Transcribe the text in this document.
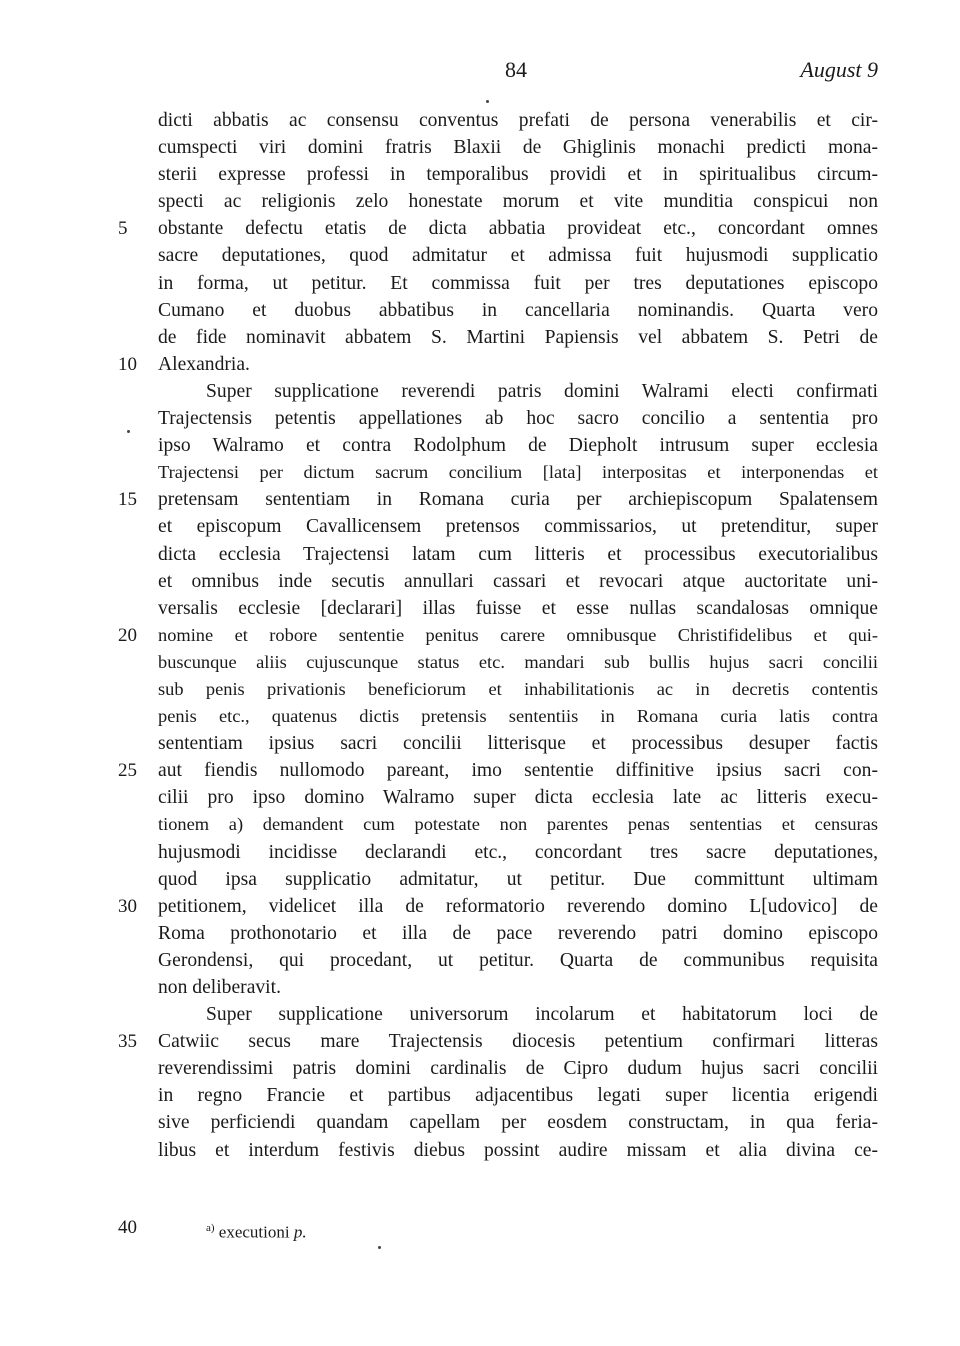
84	August 9
dicti abbatis ac consensu conventus prefati de persona venerabilis et cir-
cumspecti viri domini fratris Blaxii de Ghiglinis monachi predicti mona-
sterii expresse professi in temporalibus providi et in spiritualibus circum-
specti ac religionis zelo honestate morum et vite munditia conspicui non
5	obstante defectu etatis de dicta abbatia provideat etc., concordant omnes
sacre deputationes, quod admitatur et admissa fuit hujusmodi supplicatio
in forma, ut petitur. Et commissa fuit per tres deputationes episcopo
Cumano et duobus abbatibus in cancellaria nominandis. Quarta vero
de fide nominavit abbatem S. Martini Papiensis vel abbatem S. Petri de
10	Alexandria.
Super supplicatione reverendi patris domini Walrami electi confirmati
Trajectensis petentis appellationes ab hoc sacro concilio a sententia pro
ipso Walramo et contra Rodolphum de Diepholt intrusum super ecclesia
Trajectensi per dictum sacrum concilium [lata] interpositas et interponendas et
15	pretensam sententiam in Romana curia per archiepiscopum Spalatensem
et episcopum Cavallicensem pretensos commissarios, ut pretenditur, super
dicta ecclesia Trajectensi latam cum litteris et processibus executorialibus
et omnibus inde secutis annullari cassari et revocari atque auctoritate uni-
versalis ecclesie [declarari] illas fuisse et esse nullas scandalosas omnique
20	nomine et robore sententie penitus carere omnibusque Christifidelibus et qui-
buscunque aliis cujuscunque status etc. mandari sub bullis hujus sacri concilii
sub penis privationis beneficiorum et inhabilitationis ac in decretis contentis
penis etc., quatenus dictis pretensis sententiis in Romana curia latis contra
sententiam ipsius sacri concilii litterisque et processibus desuper factis
25	aut fiendis nullomodo pareant, imo sententie diffinitive ipsius sacri con-
cilii pro ipso domino Walramo super dicta ecclesia late ac litteris execu-
tionem a) demandent cum potestate non parentes penas sententias et censuras
hujusmodi incidisse declarandi etc., concordant tres sacre deputationes,
quod ipsa supplicatio admitatur, ut petitur. Due committunt ultimam
30	petitionem, videlicet illa de reformatorio reverendo domino L[udovico] de
Roma prothonotario et illa de pace reverendo patri domino episcopo
Gerondensi, qui procedant, ut petitur. Quarta de communibus requisita
non deliberavit.
Super supplicatione universorum incolarum et habitatorum loci de
35	Catwiic secus mare Trajectensis diocesis petentium confirmari litteras
reverendissimi patris domini cardinalis de Cipro dudum hujus sacri concilii
in regno Francie et partibus adjacentibus legati super licentia erigendi
sive perficiendi quandam capellam per eosdem constructam, in qua feria-
libus et interdum festivis diebus possint audire missam et alia divina ce-
40	$^{a)}$ executioni p.
